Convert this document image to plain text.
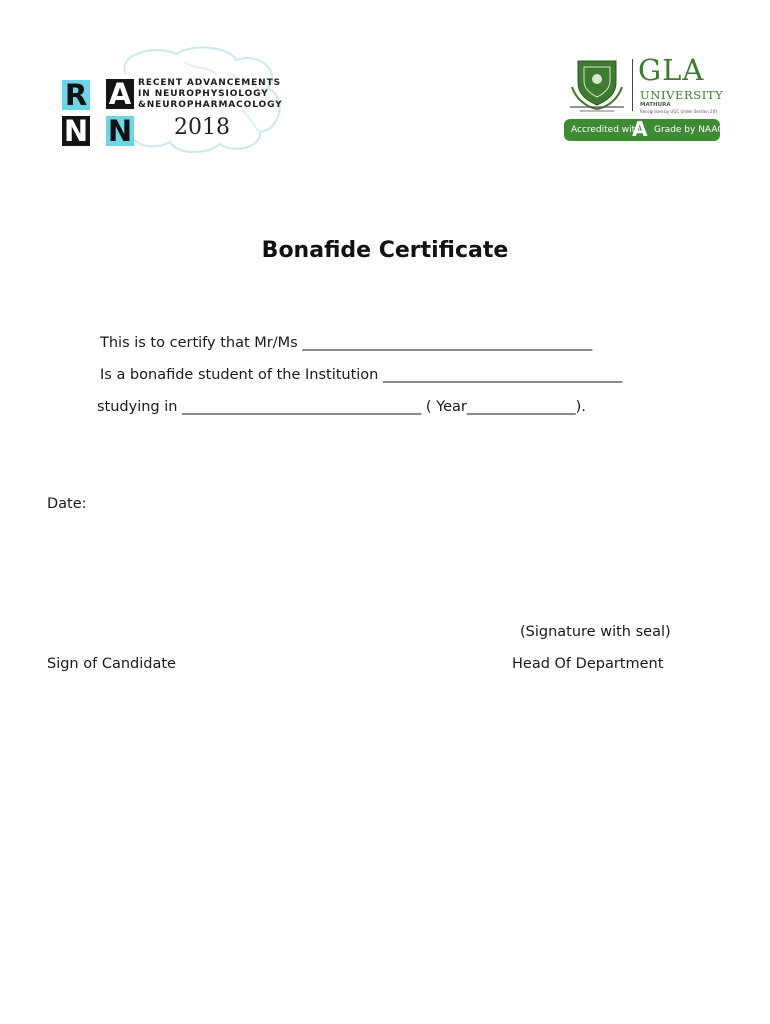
R A
N N
RECENT ADVANCEMENTS
IN NEUROPHYSIOLOGY
&NEUROPHARMACOLOGY
2018
GLA
UNIVERSITY
MATHURA
Recognised by UGC Under Section 2(f)
Accredited with
A Grade by NAAC
Bonafide Certificate
This is to certify that Mr/Ms ________________________________________
Is a bonafide student of the Institution _________________________________
studying in _________________________________ ( Year_______________).
Date:
(Signature with seal)
Sign of Candidate	Head Of Department
